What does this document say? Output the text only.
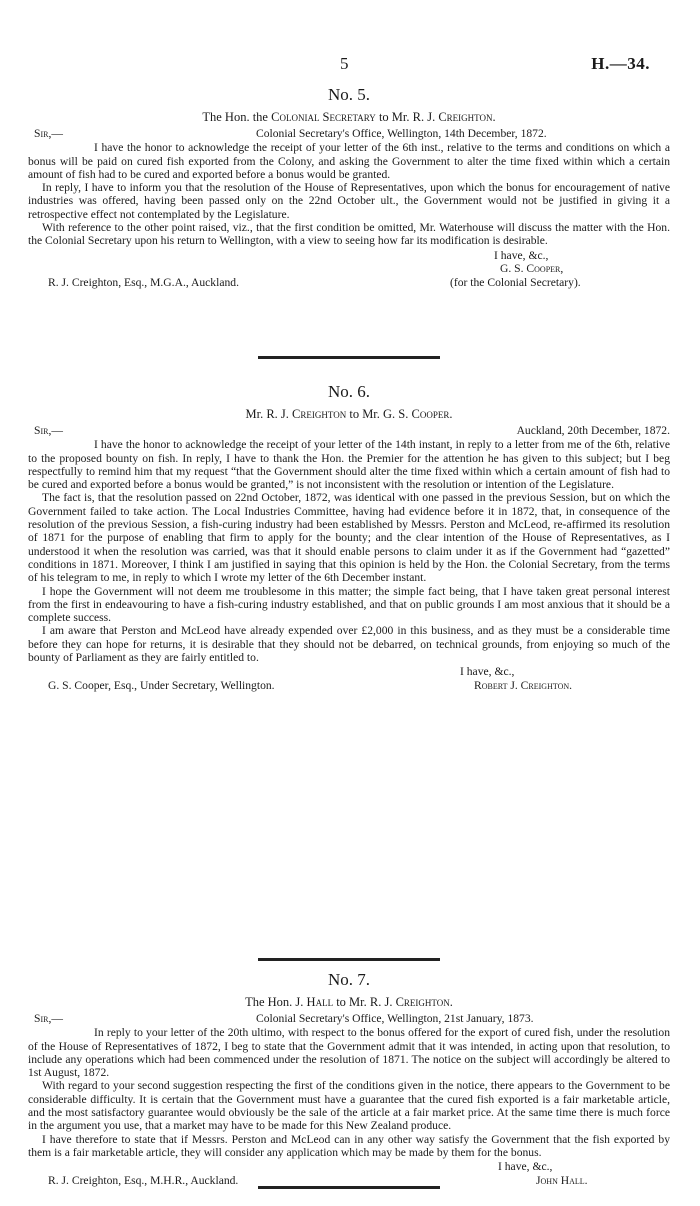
5	H.—34.
No. 5.
The Hon. the Colonial Secretary to Mr. R. J. Creighton.
Sir,—	Colonial Secretary's Office, Wellington, 14th December, 1872.

I have the honor to acknowledge the receipt of your letter of the 6th inst., relative to the terms and conditions on which a bonus will be paid on cured fish exported from the Colony, and asking the Government to alter the time fixed within which a certain amount of fish had to be cured and exported before a bonus would be granted.

In reply, I have to inform you that the resolution of the House of Representatives, upon which the bonus for encouragement of native industries was offered, having been passed only on the 22nd October ult., the Government would not be justified in giving it a retrospective effect not contemplated by the Legislature.

With reference to the other point raised, viz., that the first condition be omitted, Mr. Waterhouse will discuss the matter with the Hon. the Colonial Secretary upon his return to Wellington, with a view to seeing how far its modification is desirable.

I have, &c.,
G. S. Cooper,
R. J. Creighton, Esq., M.G.A., Auckland.	(for the Colonial Secretary).
No. 6.
Mr. R. J. Creighton to Mr. G. S. Cooper.
Sir,—	Auckland, 20th December, 1872.

I have the honor to acknowledge the receipt of your letter of the 14th instant, in reply to a letter from me of the 6th, relative to the proposed bounty on fish. In reply, I have to thank the Hon. the Premier for the attention he has given to this subject; but I beg respectfully to remind him that my request “that the Government should alter the time fixed within which a certain amount of fish had to be cured and exported before a bonus would be granted,” is not inconsistent with the resolution or intention of the Legislature.

The fact is, that the resolution passed on 22nd October, 1872, was identical with one passed in the previous Session, but on which the Government failed to take action. The Local Industries Committee, having had evidence before it in 1872, that, in consequence of the resolution of the previous Session, a fish-curing industry had been established by Messrs. Perston and McLeod, re-affirmed its resolution of 1871 for the purpose of enabling that firm to apply for the bounty; and the clear intention of the House of Representatives, as I understood it when the resolution was carried, was that it should enable persons to claim under it as if the Government had “gazetted” conditions in 1871. Moreover, I think I am justified in saying that this opinion is held by the Hon. the Colonial Secretary, from the terms of his telegram to me, in reply to which I wrote my letter of the 6th December instant.

I hope the Government will not deem me troublesome in this matter; the simple fact being, that I have taken great personal interest from the first in endeavouring to have a fish-curing industry established, and that on public grounds I am most anxious that it should be a complete success.

I am aware that Perston and McLeod have already expended over £2,000 in this business, and as they must be a considerable time before they can hope for returns, it is desirable that they should not be debarred, on technical grounds, from enjoying so much of the bounty of Parliament as they are fairly entitled to.

I have, &c.,
G. S. Cooper, Esq., Under Secretary, Wellington.	Robert J. Creighton.
No. 7.
The Hon. J. Hall to Mr. R. J. Creighton.
Sir,—	Colonial Secretary's Office, Wellington, 21st January, 1873.

In reply to your letter of the 20th ultimo, with respect to the bonus offered for the export of cured fish, under the resolution of the House of Representatives of 1872, I beg to state that the Government admit that it was intended, in acting upon that resolution, to include any operations which had been commenced under the resolution of 1871. The notice on the subject will accordingly be altered to 1st August, 1872.

With regard to your second suggestion respecting the first of the conditions given in the notice, there appears to the Government to be considerable difficulty. It is certain that the Government must have a guarantee that the cured fish exported is a fair marketable article, and the most satisfactory guarantee would obviously be the sale of the article at a fair market price. At the same time there is much force in the argument you use, that a market may have to be made for this New Zealand produce.

I have therefore to state that if Messrs. Perston and McLeod can in any other way satisfy the Government that the fish exported by them is a fair marketable article, they will consider any application which may be made by them for the bonus.

I have, &c.,
R. J. Creighton, Esq., M.H.R., Auckland.	John Hall.
